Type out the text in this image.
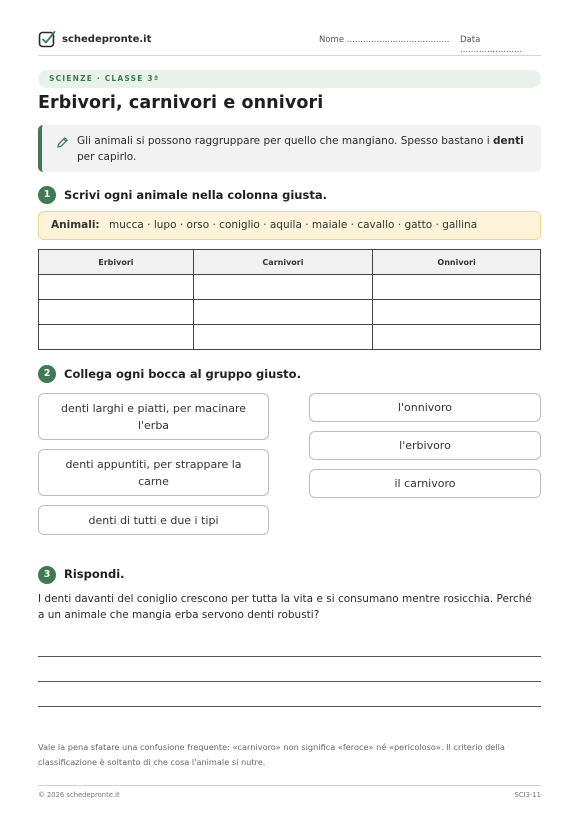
schedepronte.it	Nome ...................................... Data .......................
SCIENZE · CLASSE 3ª
Erbivori, carnivori e onnivori

Gli animali si possono raggruppare per quello che mangiano. Spesso bastano i denti per capirlo.

1	Scrivi ogni animale nella colonna giusta.
Animali: mucca · lupo · orso · coniglio · aquila · maiale · cavallo · gatto · gallina
Erbivori	Carnivori	Onnivori

2	Collega ogni bocca al gruppo giusto.
denti larghi e piatti, per macinare l'erba
denti appuntiti, per strappare la carne
denti di tutti e due i tipi
l'onnivoro
l'erbivoro
il carnivoro
3	Rispondi.

I denti davanti del coniglio crescono per tutta la vita e si consumano mentre rosicchia. Perché a un animale che mangia erba servono denti robusti?

Vale la pena sfatare una confusione frequente: «carnivoro» non significa «feroce» né «pericoloso». Il criterio della classificazione è soltanto di che cosa l'animale si nutre.

© 2026 schedepronte.it	SCI3-11
